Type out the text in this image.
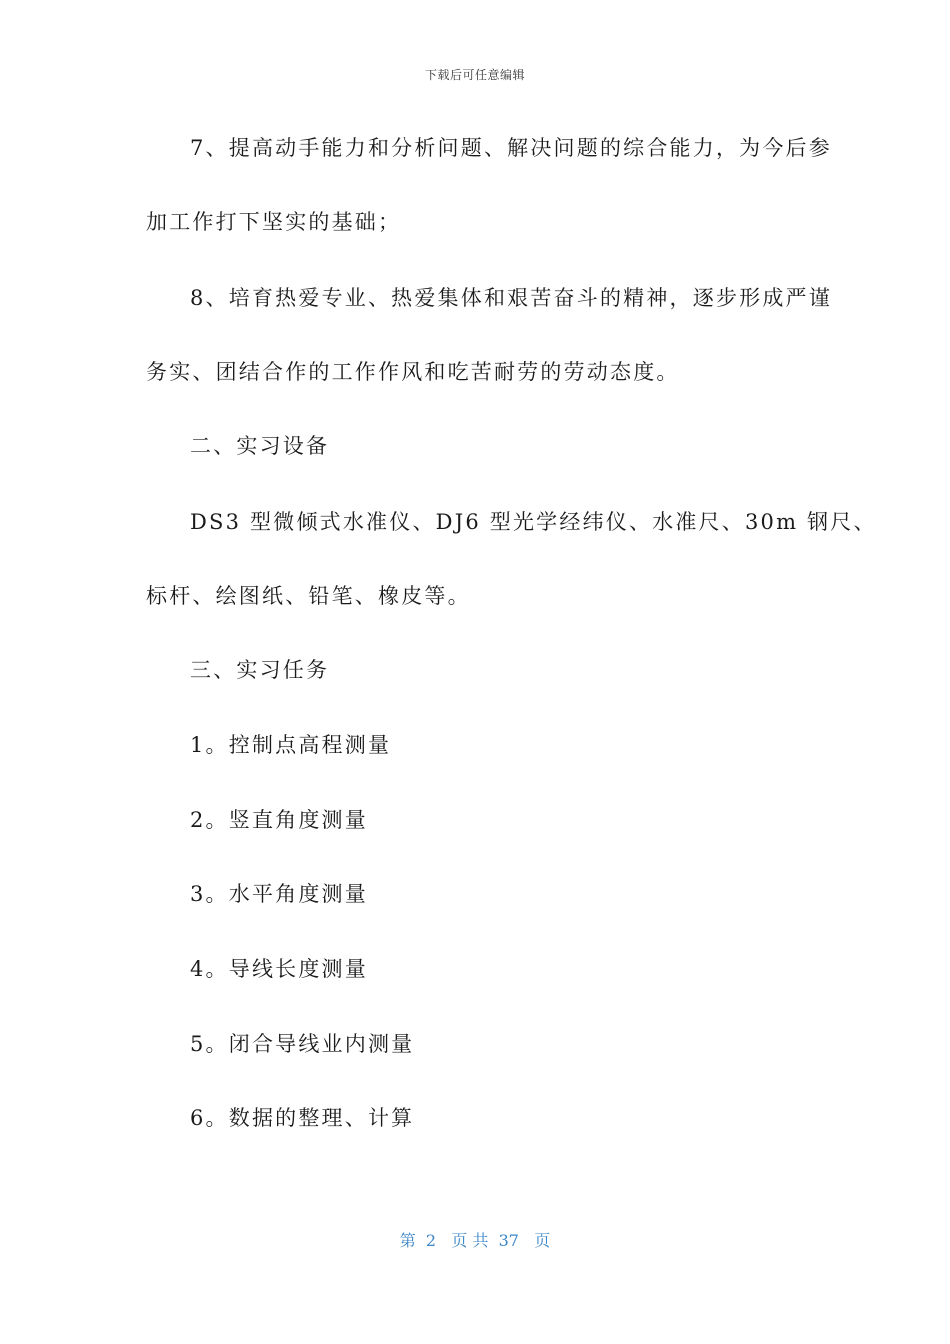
下载后可任意编辑
7、提高动手能力和分析问题、解决问题的综合能力，为今后参
加工作打下坚实的基础；
8、培育热爱专业、热爱集体和艰苦奋斗的精神，逐步形成严谨
务实、团结合作的工作作风和吃苦耐劳的劳动态度。
二、实习设备
DS3 型微倾式水准仪、DJ6 型光学经纬仪、水准尺、30m 钢尺、
标杆、绘图纸、铅笔、橡皮等。
三、实习任务
1。控制点高程测量
2。竖直角度测量
3。水平角度测量
4。导线长度测量
5。闭合导线业内测量
6。数据的整理、计算
第  2   页 共  37   页
